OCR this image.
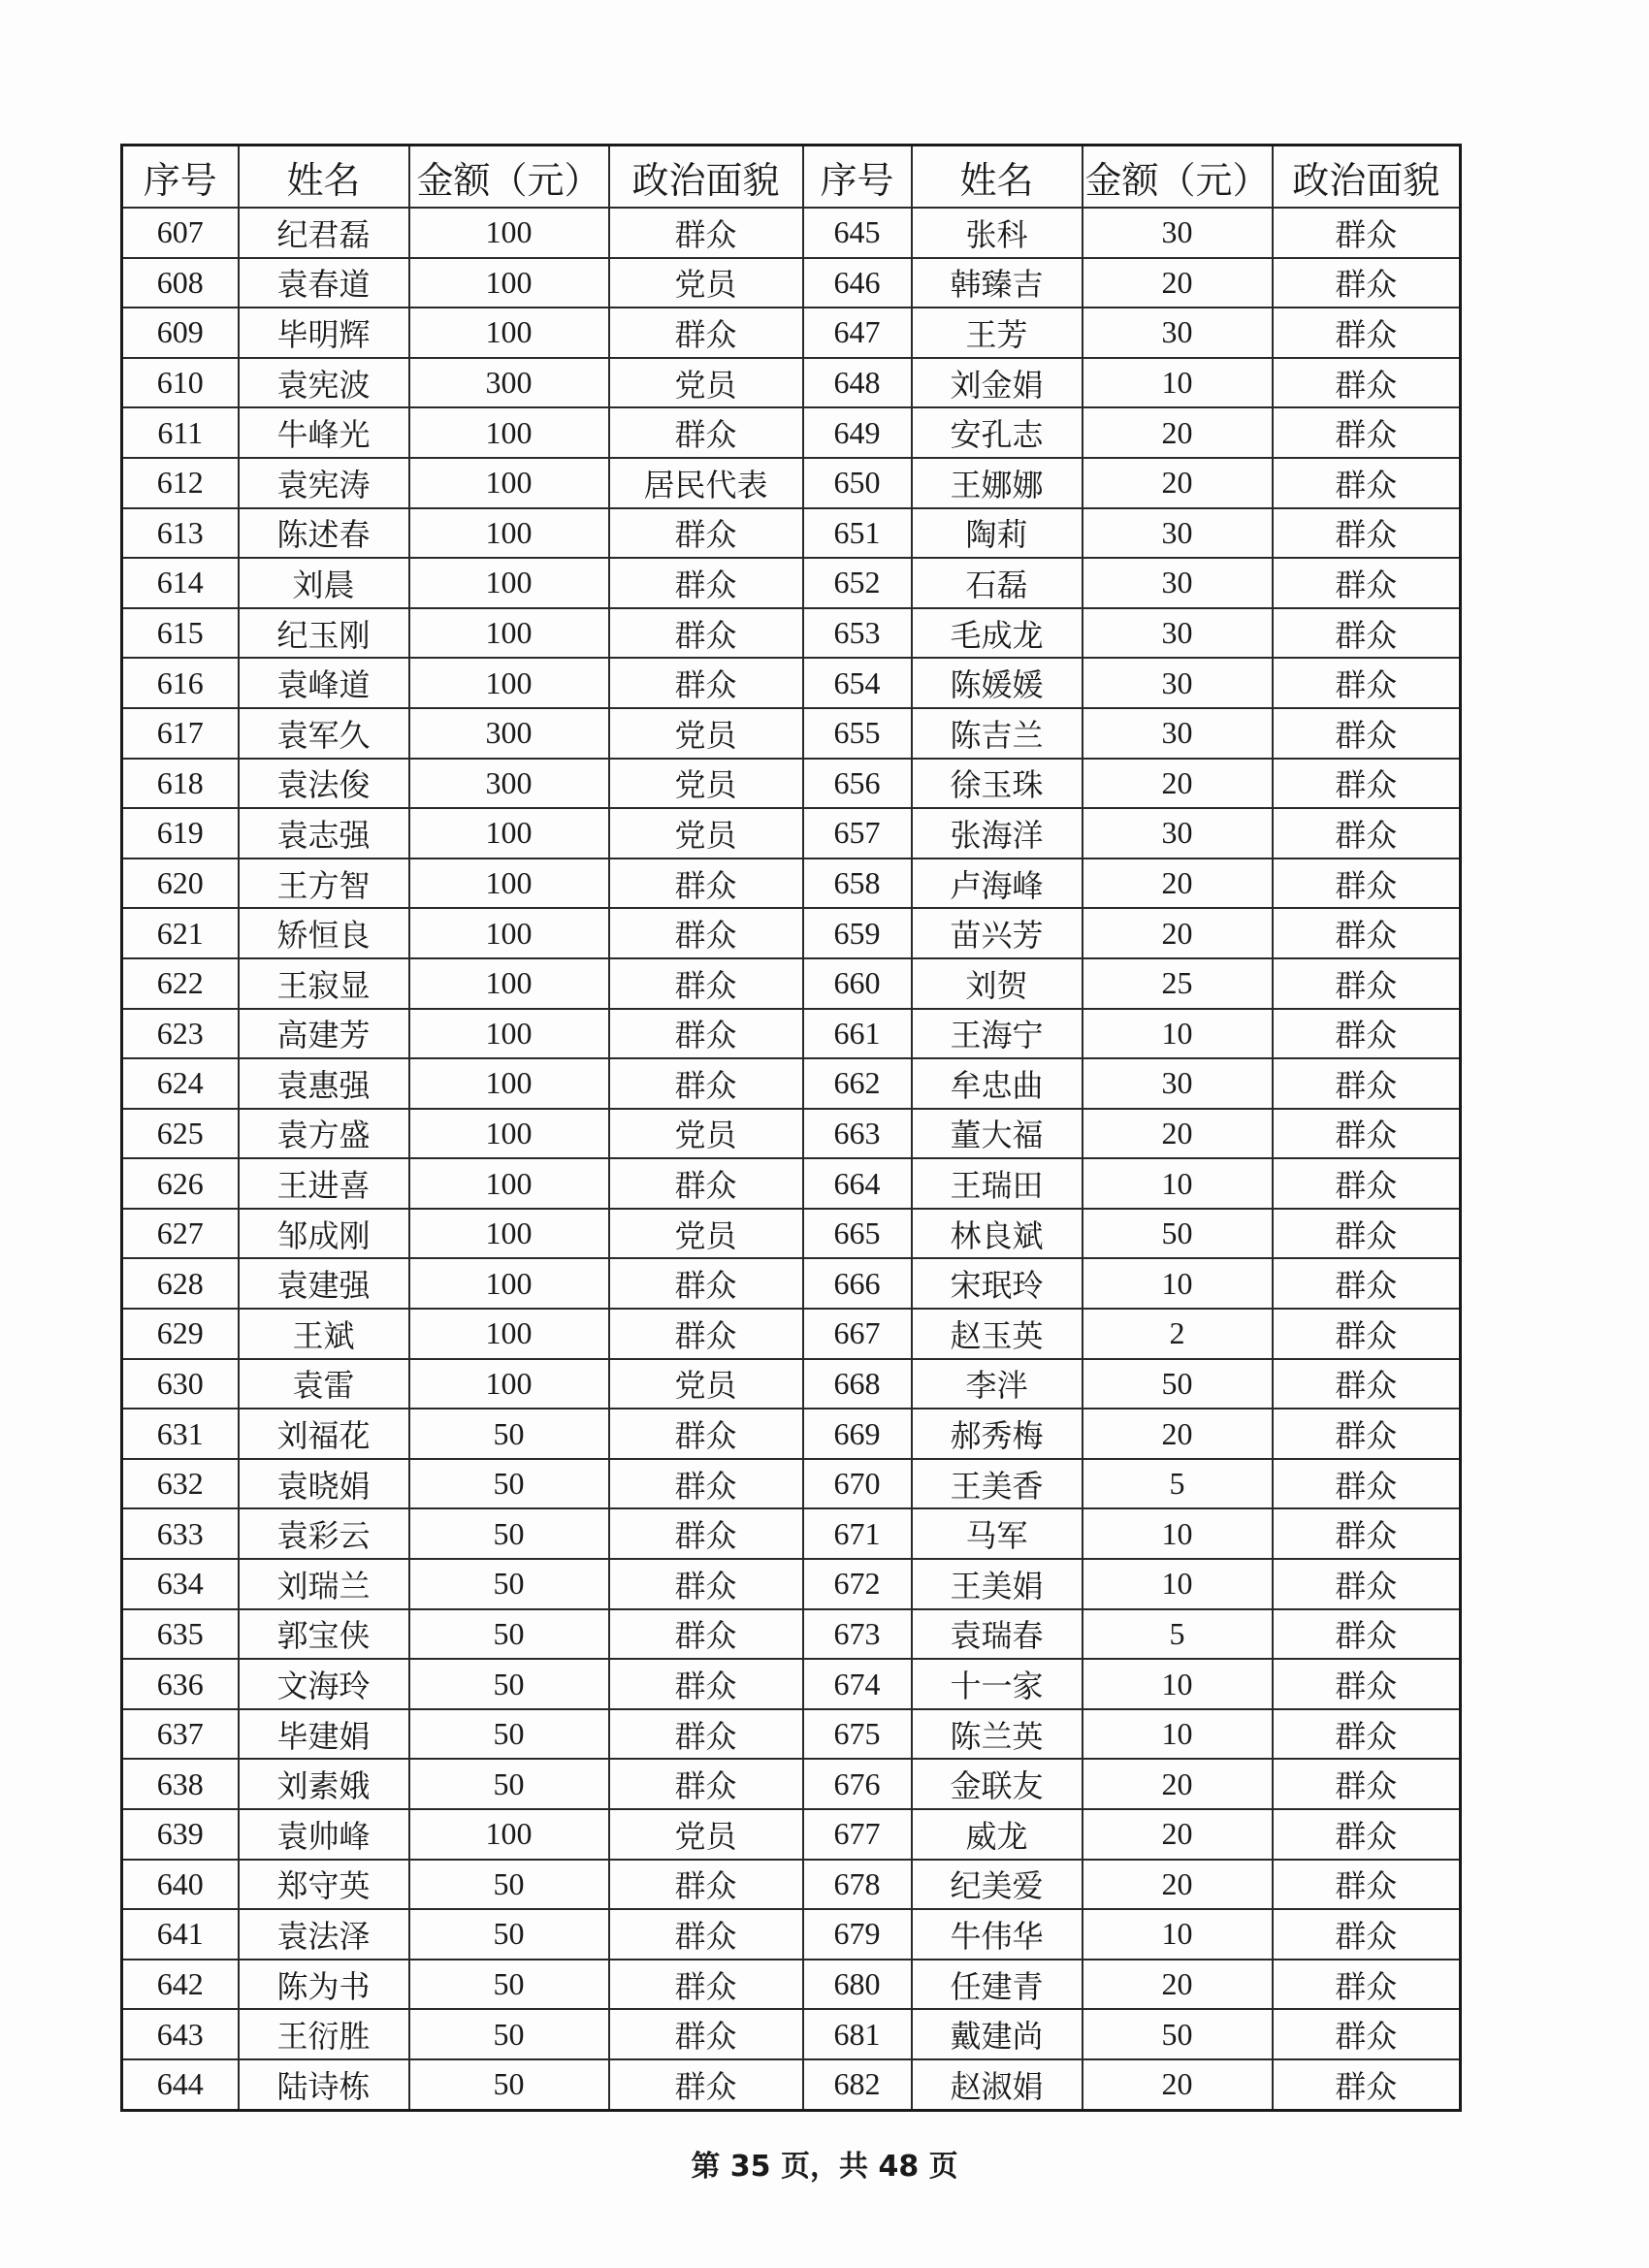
序号	姓名	金额（元）	政治面貌	序号	姓名	金额（元）	政治面貌
607	纪君磊	100	群众	645	张科	30	群众
608	袁春道	100	党员	646	韩臻吉	20	群众
609	毕明辉	100	群众	647	王芳	30	群众
610	袁宪波	300	党员	648	刘金娟	10	群众
611	牛峰光	100	群众	649	安孔志	20	群众
612	袁宪涛	100	居民代表	650	王娜娜	20	群众
613	陈述春	100	群众	651	陶莉	30	群众
614	刘晨	100	群众	652	石磊	30	群众
615	纪玉刚	100	群众	653	毛成龙	30	群众
616	袁峰道	100	群众	654	陈媛媛	30	群众
617	袁军久	300	党员	655	陈吉兰	30	群众
618	袁法俊	300	党员	656	徐玉珠	20	群众
619	袁志强	100	党员	657	张海洋	30	群众
620	王方智	100	群众	658	卢海峰	20	群众
621	矫恒良	100	群众	659	苗兴芳	20	群众
622	王寂显	100	群众	660	刘贺	25	群众
623	高建芳	100	群众	661	王海宁	10	群众
624	袁惠强	100	群众	662	牟忠曲	30	群众
625	袁方盛	100	党员	663	董大福	20	群众
626	王进喜	100	群众	664	王瑞田	10	群众
627	邹成刚	100	党员	665	林良斌	50	群众
628	袁建强	100	群众	666	宋珉玲	10	群众
629	王斌	100	群众	667	赵玉英	2	群众
630	袁雷	100	党员	668	李泮	50	群众
631	刘福花	50	群众	669	郝秀梅	20	群众
632	袁晓娟	50	群众	670	王美香	5	群众
633	袁彩云	50	群众	671	马军	10	群众
634	刘瑞兰	50	群众	672	王美娟	10	群众
635	郭宝侠	50	群众	673	袁瑞春	5	群众
636	文海玲	50	群众	674	十一家	10	群众
637	毕建娟	50	群众	675	陈兰英	10	群众
638	刘素娥	50	群众	676	金联友	20	群众
639	袁帅峰	100	党员	677	威龙	20	群众
640	郑守英	50	群众	678	纪美爱	20	群众
641	袁法泽	50	群众	679	牛伟华	10	群众
642	陈为书	50	群众	680	任建青	20	群众
643	王衍胜	50	群众	681	戴建尚	50	群众
644	陆诗栋	50	群众	682	赵淑娟	20	群众
第 35 页，共 48 页
